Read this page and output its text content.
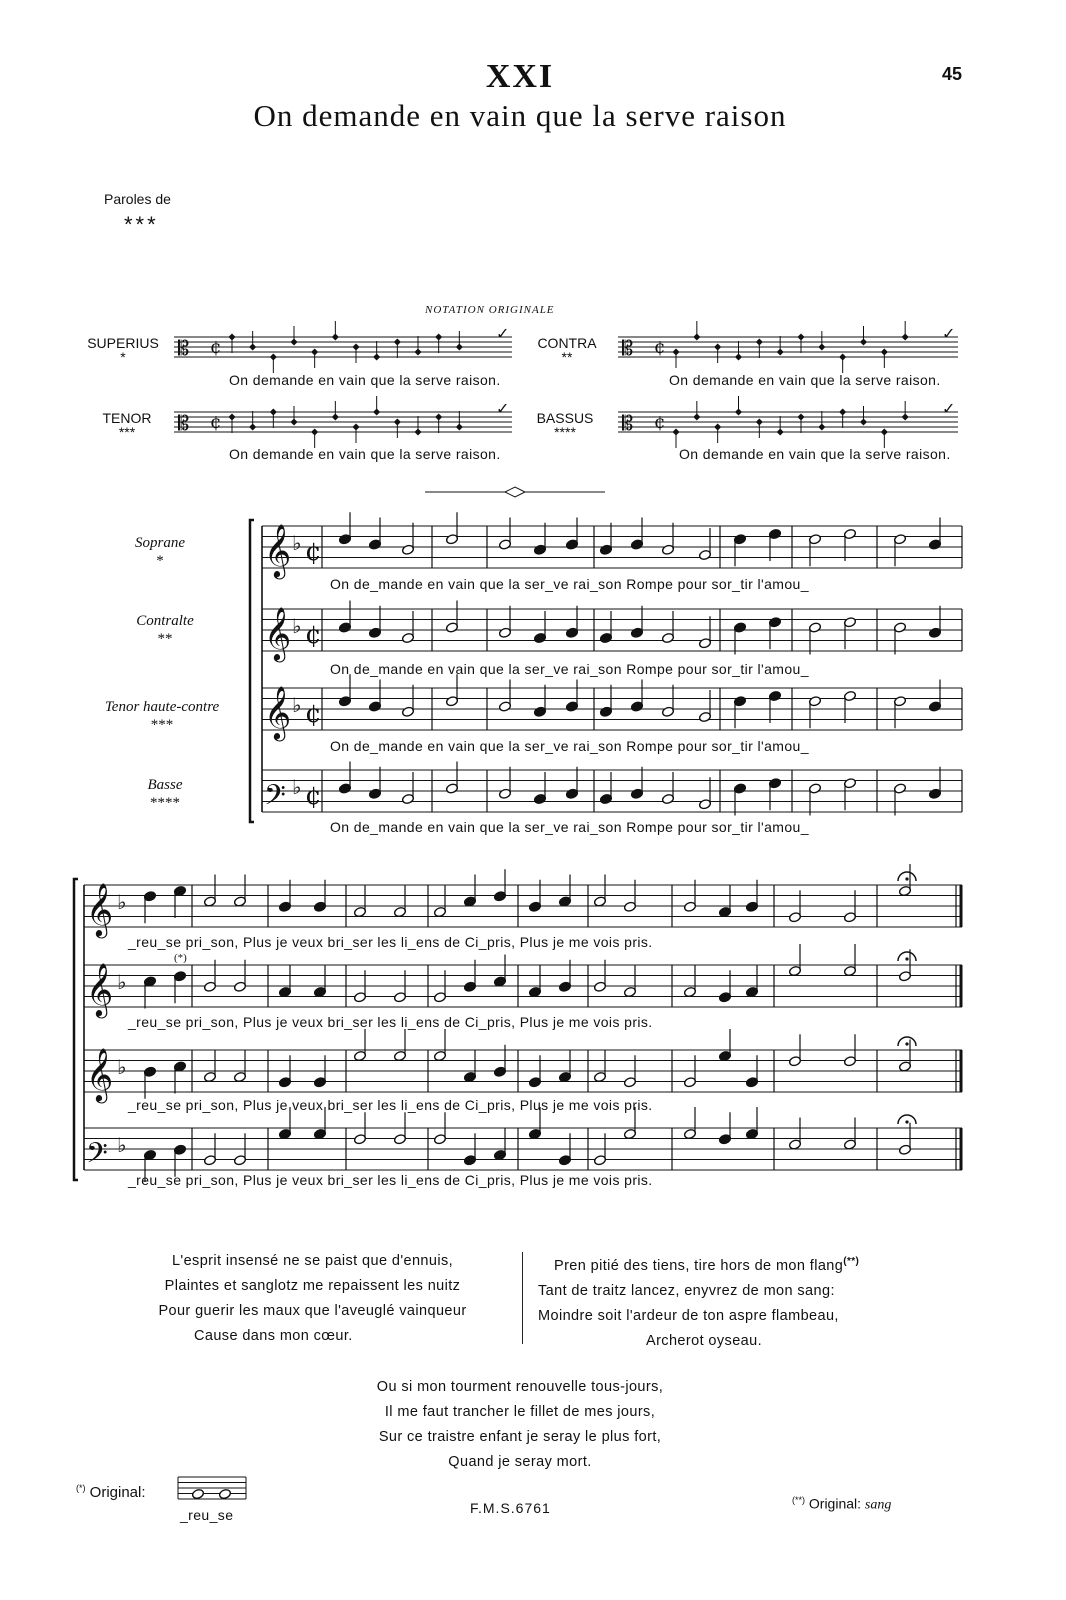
XXI	45
On demande en vain que la serve raison
Paroles de
***
NOTATION ORIGINALE
SUPERIUS
*
CONTRA
**
TENOR
***
BASSUS
****
On demande en vain que la serve raison.	On demande en vain que la serve raison.
On demande en vain que la serve raison.	On demande en vain que la serve raison.
Soprane
*
Contralte
**
Tenor haute-contre
***
Basse
****
On de_mande en vain que la ser_ve rai_son Rompe pour sor_tir l'amou_
On de_mande en vain que la ser_ve rai_son Rompe pour sor_tir l'amou_
On de_mande en vain que la ser_ve rai_son Rompe pour sor_tir l'amou_
On de_mande en vain que la ser_ve rai_son Rompe pour sor_tir l'amou_
_reu_se pri_son, Plus je veux bri_ser les li_ens de Ci_pris, Plus je me vois pris.
_reu_se pri_son, Plus je veux bri_ser les li_ens de Ci_pris, Plus je me vois pris.
_reu_se pri_son, Plus je veux bri_ser les li_ens de Ci_pris, Plus je me vois pris.
_reu_se pri_son, Plus je veux bri_ser les li_ens de Ci_pris, Plus je me vois pris.
(*)
𝄡 ¢
✓
𝄡 ¢
✓
𝄡 ¢
✓
𝄡 ¢
✓
𝄞 ♭ ¢
𝄞 ♭ ¢
𝄞 ♭ ¢
𝄢 ♭ ¢
𝄞 ♭
𝄞 ♭
𝄞 ♭
𝄢 ♭
L'esprit insensé ne se paist que d'ennuis,
Plaintes et sanglotz me repaissent les nuitz
Pour guerir les maux que l'aveuglé vainqueur
Cause dans mon cœur.
Pren pitié des tiens, tire hors de mon flang(**)
Tant de traitz lancez, enyvrez de mon sang:
Moindre soit l'ardeur de ton aspre flambeau,
Archerot oyseau.
Ou si mon tourment renouvelle tous-jours,
Il me faut trancher le fillet de mes jours,
Sur ce traistre enfant je seray le plus fort,
Quand je seray mort.
(*) Original:
_reu_se	F.M.S.6761	(**) Original: sang
